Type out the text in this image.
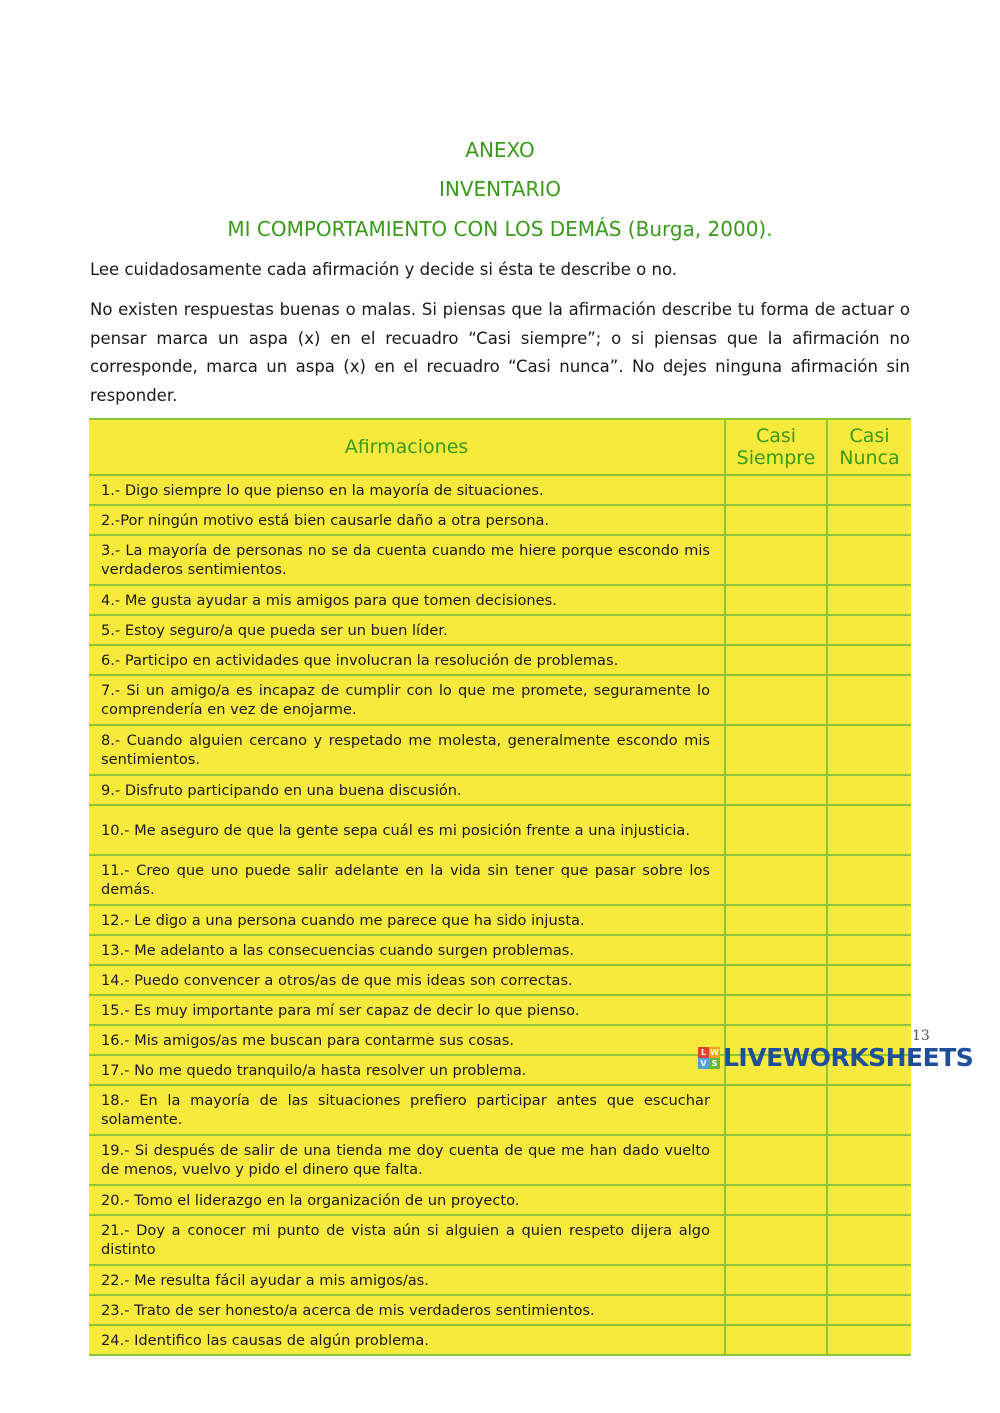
ANEXO
INVENTARIO
MI COMPORTAMIENTO CON LOS DEMÁS (Burga, 2000).

Lee cuidadosamente cada afirmación y decide si ésta te describe o no.

No existen respuestas buenas o malas. Si piensas que la afirmación describe tu forma de actuar o pensar marca un aspa (x) en el recuadro “Casi siempre”; o si piensas que la afirmación no corresponde, marca un aspa (x) en el recuadro “Casi nunca”. No dejes ninguna afirmación sin responder.

Afirmaciones	Casi Siempre	Casi Nunca
1.- Digo siempre lo que pienso en la mayoría de situaciones.		
2.-Por ningún motivo está bien causarle daño a otra persona.		
3.- La mayoría de personas no se da cuenta cuando me hiere porque escondo mis verdaderos sentimientos.		
4.- Me gusta ayudar a mis amigos para que tomen decisiones.		
5.- Estoy seguro/a que pueda ser un buen líder.		
6.- Participo en actividades que involucran la resolución de problemas.		
7.- Si un amigo/a es incapaz de cumplir con lo que me promete, seguramente lo comprendería en vez de enojarme.		
8.- Cuando alguien cercano y respetado me molesta, generalmente escondo mis sentimientos.		
9.- Disfruto participando en una buena discusión.		
10.- Me aseguro de que la gente sepa cuál es mi posición frente a una injusticia.		
11.- Creo que uno puede salir adelante en la vida sin tener que pasar sobre los demás.		
12.- Le digo a una persona cuando me parece que ha sido injusta.		
13.- Me adelanto a las consecuencias cuando surgen problemas.		
14.- Puedo convencer a otros/as de que mis ideas son correctas.		
15.- Es muy importante para mí ser capaz de decir lo que pienso.		
16.- Mis amigos/as me buscan para contarme sus cosas.		
17.- No me quedo tranquilo/a hasta resolver un problema.		
18.- En la mayoría de las situaciones prefiero participar antes que escuchar solamente.		
19.- Si después de salir de una tienda me doy cuenta de que me han dado vuelto de menos, vuelvo y pido el dinero que falta.		
20.- Tomo el liderazgo en la organización de un proyecto.		
21.- Doy a conocer mi punto de vista aún si alguien a quien respeto dijera algo distinto		
22.- Me resulta fácil ayudar a mis amigos/as.		
23.- Trato de ser honesto/a acerca de mis verdaderos sentimientos.		
24.- Identifico las causas de algún problema.		
13
L W
V S LIVEWORKSHEETS
